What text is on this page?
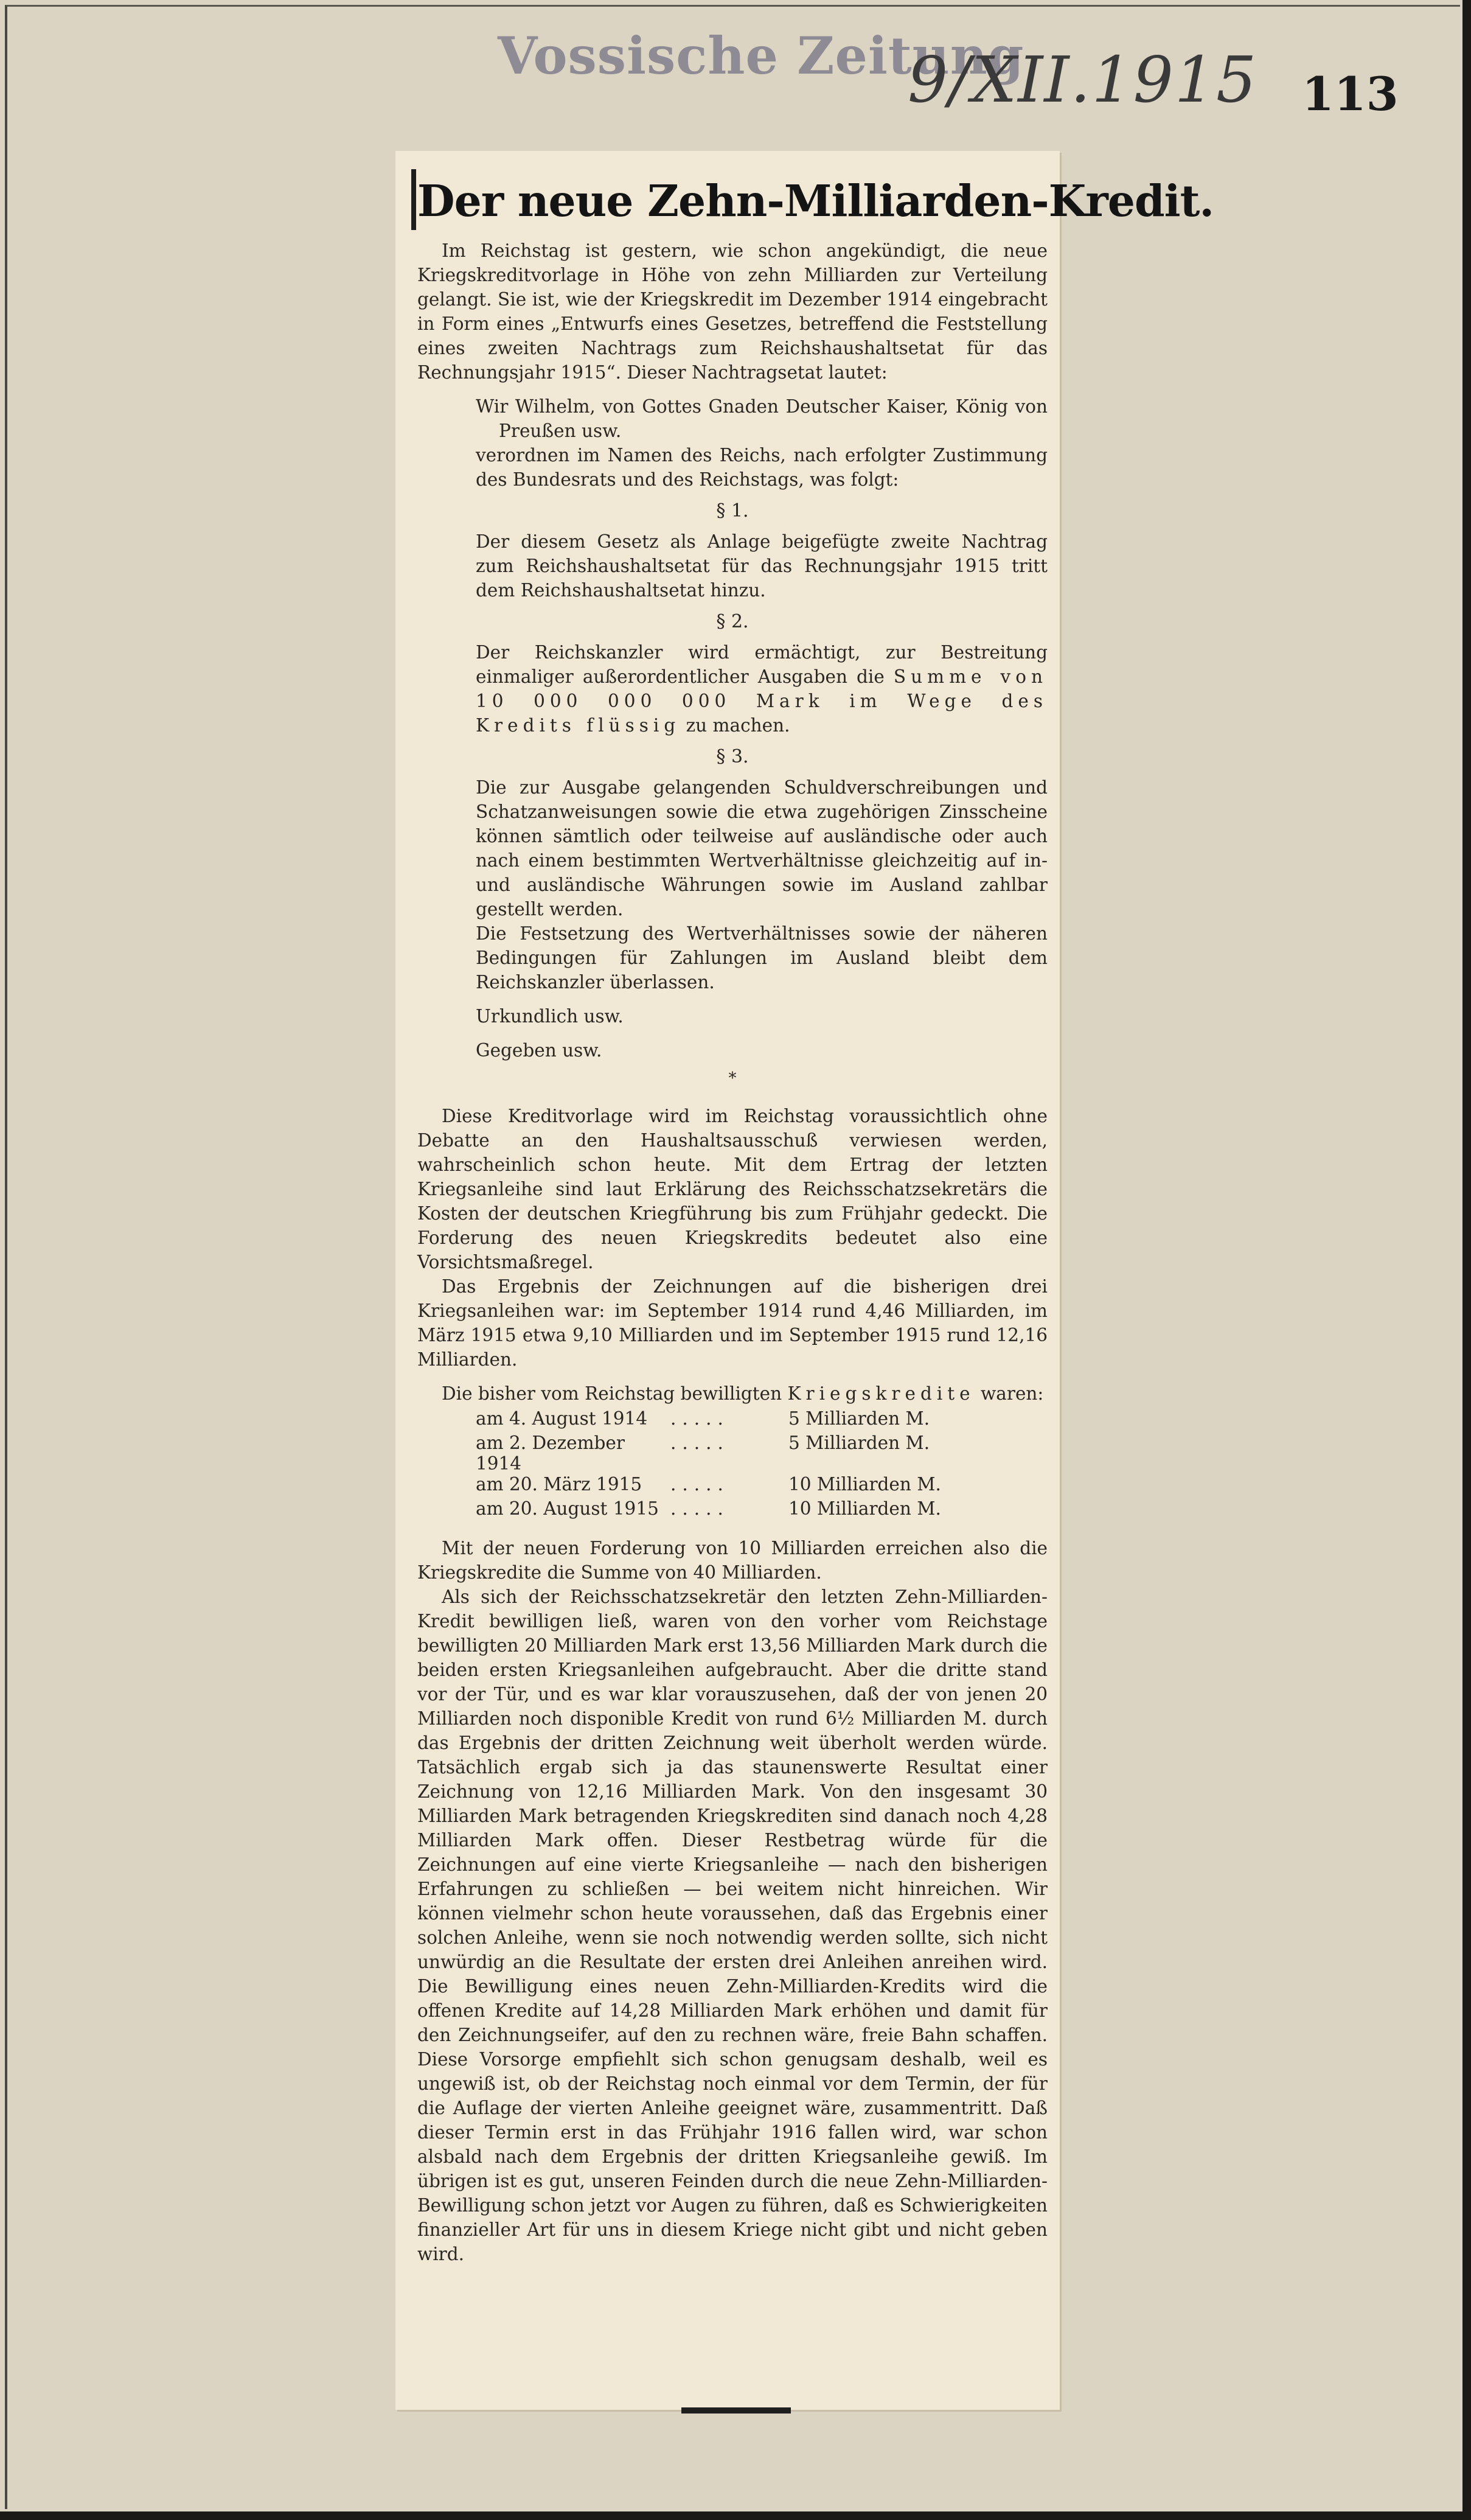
Vossische Zeitung
9/XII.1915 113
Der neue Zehn-Milliarden-Kredit.

Im Reichstag ist gestern, wie schon angekündigt, die neue Kriegskreditvorlage in Höhe von zehn Milliarden zur Verteilung gelangt. Sie ist, wie der Kriegskredit im Dezember 1914 eingebracht in Form eines „Entwurfs eines Gesetzes, betreffend die Feststellung eines zweiten Nachtrags zum Reichshaushaltsetat für das Rechnungsjahr 1915“. Dieser Nachtragsetat lautet:

Wir Wilhelm, von Gottes Gnaden Deutscher Kaiser, König von Preußen usw.

verordnen im Namen des Reichs, nach erfolgter Zustimmung des Bundesrats und des Reichstags, was folgt:

§ 1.

Der diesem Gesetz als Anlage beigefügte zweite Nachtrag zum Reichshaushaltsetat für das Rechnungsjahr 1915 tritt dem Reichshaushaltsetat hinzu.

§ 2.

Der Reichskanzler wird ermächtigt, zur Bestreitung einmaliger außerordentlicher Ausgaben die Summe von 10 000 000 000 Mark im Wege des Kredits flüssig zu machen.

§ 3.

Die zur Ausgabe gelangenden Schuldverschreibungen und Schatzanweisungen sowie die etwa zugehörigen Zinsscheine können sämtlich oder teilweise auf ausländische oder auch nach einem bestimmten Wertverhältnisse gleichzeitig auf in- und ausländische Währungen sowie im Ausland zahlbar gestellt werden.

Die Festsetzung des Wertverhältnisses sowie der näheren Bedingungen für Zahlungen im Ausland bleibt dem Reichskanzler überlassen.

Urkundlich usw.

Gegeben usw.

*

Diese Kreditvorlage wird im Reichstag voraussichtlich ohne Debatte an den Haushaltsausschuß verwiesen werden, wahrscheinlich schon heute. Mit dem Ertrag der letzten Kriegsanleihe sind laut Erklärung des Reichsschatzsekretärs die Kosten der deutschen Kriegführung bis zum Frühjahr gedeckt. Die Forderung des neuen Kriegskredits bedeutet also eine Vorsichtsmaßregel.

Das Ergebnis der Zeichnungen auf die bisherigen drei Kriegsanleihen war: im September 1914 rund 4,46 Milliarden, im März 1915 etwa 9,10 Milliarden und im September 1915 rund 12,16 Milliarden.

Die bisher vom Reichstag bewilligten Kriegskredite waren:

am 4. August 1914	.....	5 Milliarden M.
am 2. Dezember 1914	.....	5 Milliarden M.
am 20. März 1915	.....	10 Milliarden M.
am 20. August 1915	.....	10 Milliarden M.

Mit der neuen Forderung von 10 Milliarden erreichen also die Kriegskredite die Summe von 40 Milliarden.

Als sich der Reichsschatzsekretär den letzten Zehn-Milliarden-Kredit bewilligen ließ, waren von den vorher vom Reichstage bewilligten 20 Milliarden Mark erst 13,56 Milliarden Mark durch die beiden ersten Kriegsanleihen aufgebraucht. Aber die dritte stand vor der Tür, und es war klar vorauszusehen, daß der von jenen 20 Milliarden noch disponible Kredit von rund 6½ Milliarden M. durch das Ergebnis der dritten Zeichnung weit überholt werden würde. Tatsächlich ergab sich ja das staunenswerte Resultat einer Zeichnung von 12,16 Milliarden Mark. Von den insgesamt 30 Milliarden Mark betragenden Kriegskrediten sind danach noch 4,28 Milliarden Mark offen. Dieser Restbetrag würde für die Zeichnungen auf eine vierte Kriegsanleihe — nach den bisherigen Erfahrungen zu schließen — bei weitem nicht hinreichen. Wir können vielmehr schon heute voraussehen, daß das Ergebnis einer solchen Anleihe, wenn sie noch notwendig werden sollte, sich nicht unwürdig an die Resultate der ersten drei Anleihen anreihen wird. Die Bewilligung eines neuen Zehn-Milliarden-Kredits wird die offenen Kredite auf 14,28 Milliarden Mark erhöhen und damit für den Zeichnungseifer, auf den zu rechnen wäre, freie Bahn schaffen. Diese Vorsorge empfiehlt sich schon genugsam deshalb, weil es ungewiß ist, ob der Reichstag noch einmal vor dem Termin, der für die Auflage der vierten Anleihe geeignet wäre, zusammentritt. Daß dieser Termin erst in das Frühjahr 1916 fallen wird, war schon alsbald nach dem Ergebnis der dritten Kriegsanleihe gewiß. Im übrigen ist es gut, unseren Feinden durch die neue Zehn-Milliarden-Bewilligung schon jetzt vor Augen zu führen, daß es Schwierigkeiten finanzieller Art für uns in diesem Kriege nicht gibt und nicht geben wird.
